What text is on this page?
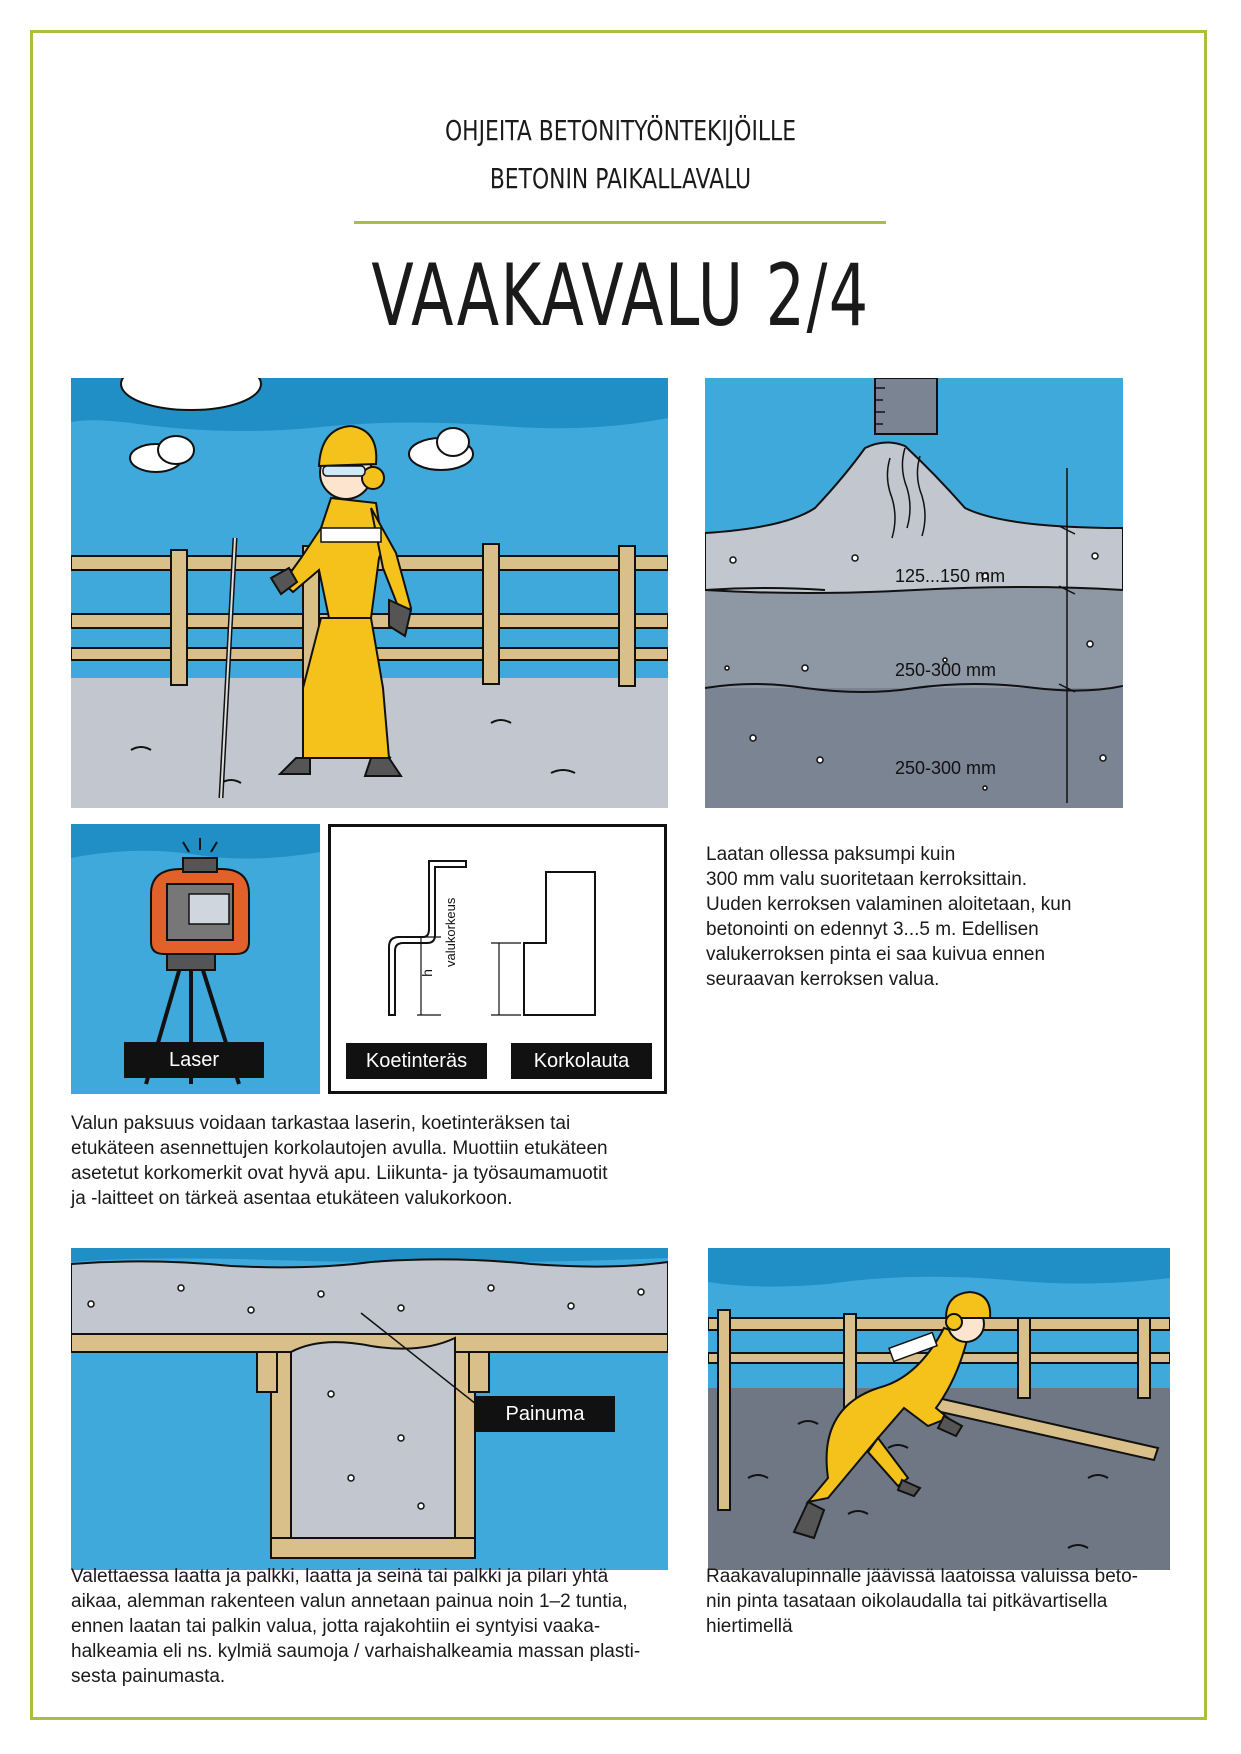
OHJEITA BETONITYÖNTEKIJÖILLE
BETONIN PAIKALLAVALU
VAAKAVALU 2/4
125...150 mm
250-300 mm
250-300 mm
Laser
h
valukorkeus
Koetinteräs	Korkolauta

Laatan ollessa paksumpi kuin

300 mm valu suoritetaan kerroksittain.

Uuden kerroksen valaminen aloitetaan, kun

betonointi on edennyt 3...5 m. Edellisen

valukerroksen pinta ei saa kuivua ennen

seuraavan kerroksen valua.

Valun paksuus voidaan tarkastaa laserin, koetinteräksen tai

etukäteen asennettujen korkolautojen avulla. Muottiin etukäteen

asetetut korkomerkit ovat hyvä apu. Liikunta- ja työsaumamuotit

ja -laitteet on tärkeä asentaa etukäteen valukorkoon.

Painuma

Valettaessa laatta ja palkki, laatta ja seinä tai palkki ja pilari yhtä

aikaa, alemman rakenteen valun annetaan painua noin 1–2 tuntia,

ennen laatan tai palkin valua, jotta rajakohtiin ei syntyisi vaaka-

halkeamia eli ns. kylmiä saumoja / varhaishalkeamia massan plasti-

sesta painumasta.

Raakavalupinnalle jäävissä laatoissa valuissa beto-

nin pinta tasataan oikolaudalla tai pitkävartisella

hiertimellä
